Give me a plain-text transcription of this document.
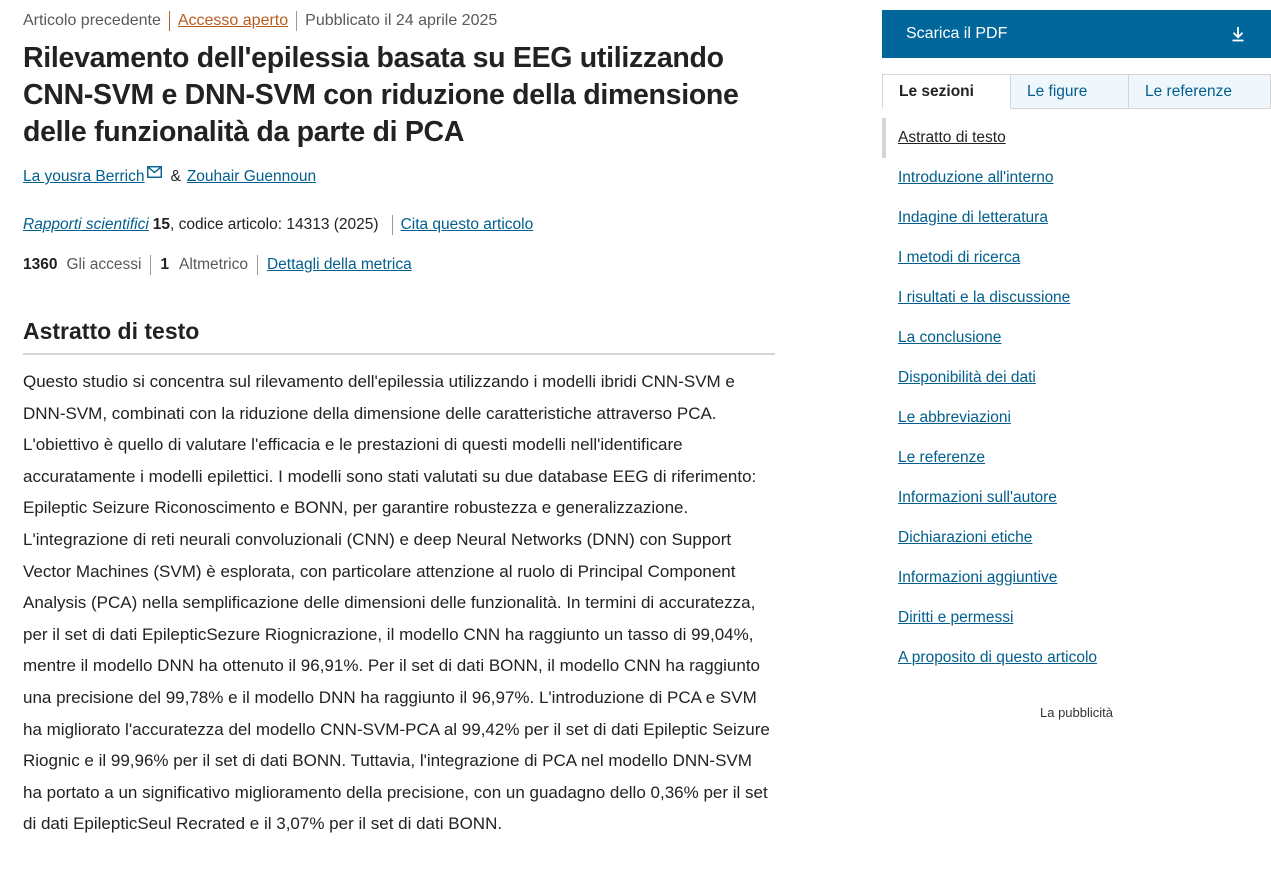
Articolo precedente Accesso aperto Pubblicato il 24 aprile 2025
Rilevamento dell'epilessia basata su EEG utilizzando CNN-SVM e DNN-SVM con riduzione della dimensione delle funzionalità da parte di PCA
La yousra Berrich & Zouhair Guennoun
Rapporti scientifici 15 , codice articolo: 14313 (2025) Cita questo articolo
1360 Gli accessi 1 Altmetrico Dettagli della metrica
Astratto di testo

Questo studio si concentra sul rilevamento dell'epilessia utilizzando i modelli ibridi CNN-SVM e DNN-SVM, combinati con la riduzione della dimensione delle caratteristiche attraverso PCA. L'obiettivo è quello di valutare l'efficacia e le prestazioni di questi modelli nell'identificare accuratamente i modelli epilettici. I modelli sono stati valutati su due database EEG di riferimento: Epileptic Seizure Riconoscimento e BONN, per garantire robustezza e generalizzazione. L'integrazione di reti neurali convoluzionali (CNN) e deep Neural Networks (DNN) con Support Vector Machines (SVM) è esplorata, con particolare attenzione al ruolo di Principal Component Analysis (PCA) nella semplificazione delle dimensioni delle funzionalità. In termini di accuratezza, per il set di dati EpilepticSezure Riognicrazione, il modello CNN ha raggiunto un tasso di 99,04%, mentre il modello DNN ha ottenuto il 96,91%. Per il set di dati BONN, il modello CNN ha raggiunto una precisione del 99,78% e il modello DNN ha raggiunto il 96,97%. L'introduzione di PCA e SVM ha migliorato l'accuratezza del modello CNN-SVM-PCA al 99,42% per il set di dati Epileptic Seizure Riognic e il 99,96% per il set di dati BONN. Tuttavia, l'integrazione di PCA nel modello DNN-SVM ha portato a un significativo miglioramento della precisione, con un guadagno dello 0,36% per il set di dati EpilepticSeul Recrated e il 3,07% per il set di dati BONN.

Scarica il PDF
Le sezioni	Le figure	Le referenze
Astratto di testo
Introduzione all'interno
Indagine di letteratura
I metodi di ricerca
I risultati e la discussione
La conclusione
Disponibilità dei dati
Le abbreviazioni
Le referenze
Informazioni sull'autore
Dichiarazioni etiche
Informazioni aggiuntive
Diritti e permessi
A proposito di questo articolo
La pubblicità
